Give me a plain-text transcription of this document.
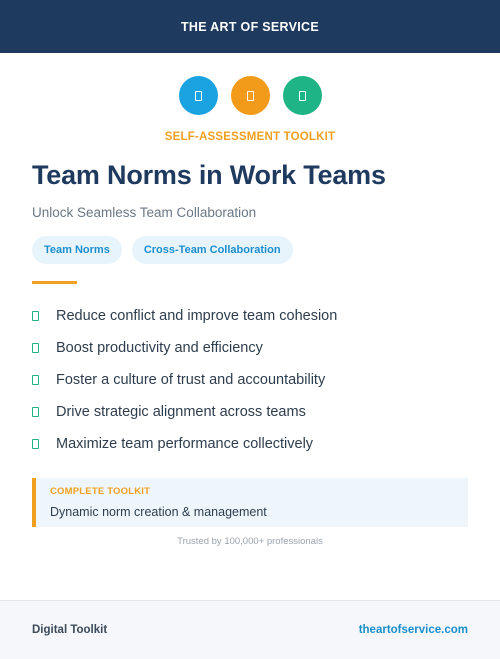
THE ART OF SERVICE
SELF-ASSESSMENT TOOLKIT
Team Norms in Work Teams
Unlock Seamless Team Collaboration
Team Norms	Cross-Team Collaboration
Reduce conflict and improve team cohesion
Boost productivity and efficiency
Foster a culture of trust and accountability
Drive strategic alignment across teams
Maximize team performance collectively
COMPLETE TOOLKIT
Dynamic norm creation & management
Trusted by 100,000+ professionals
Digital Toolkit	theartofservice.com
